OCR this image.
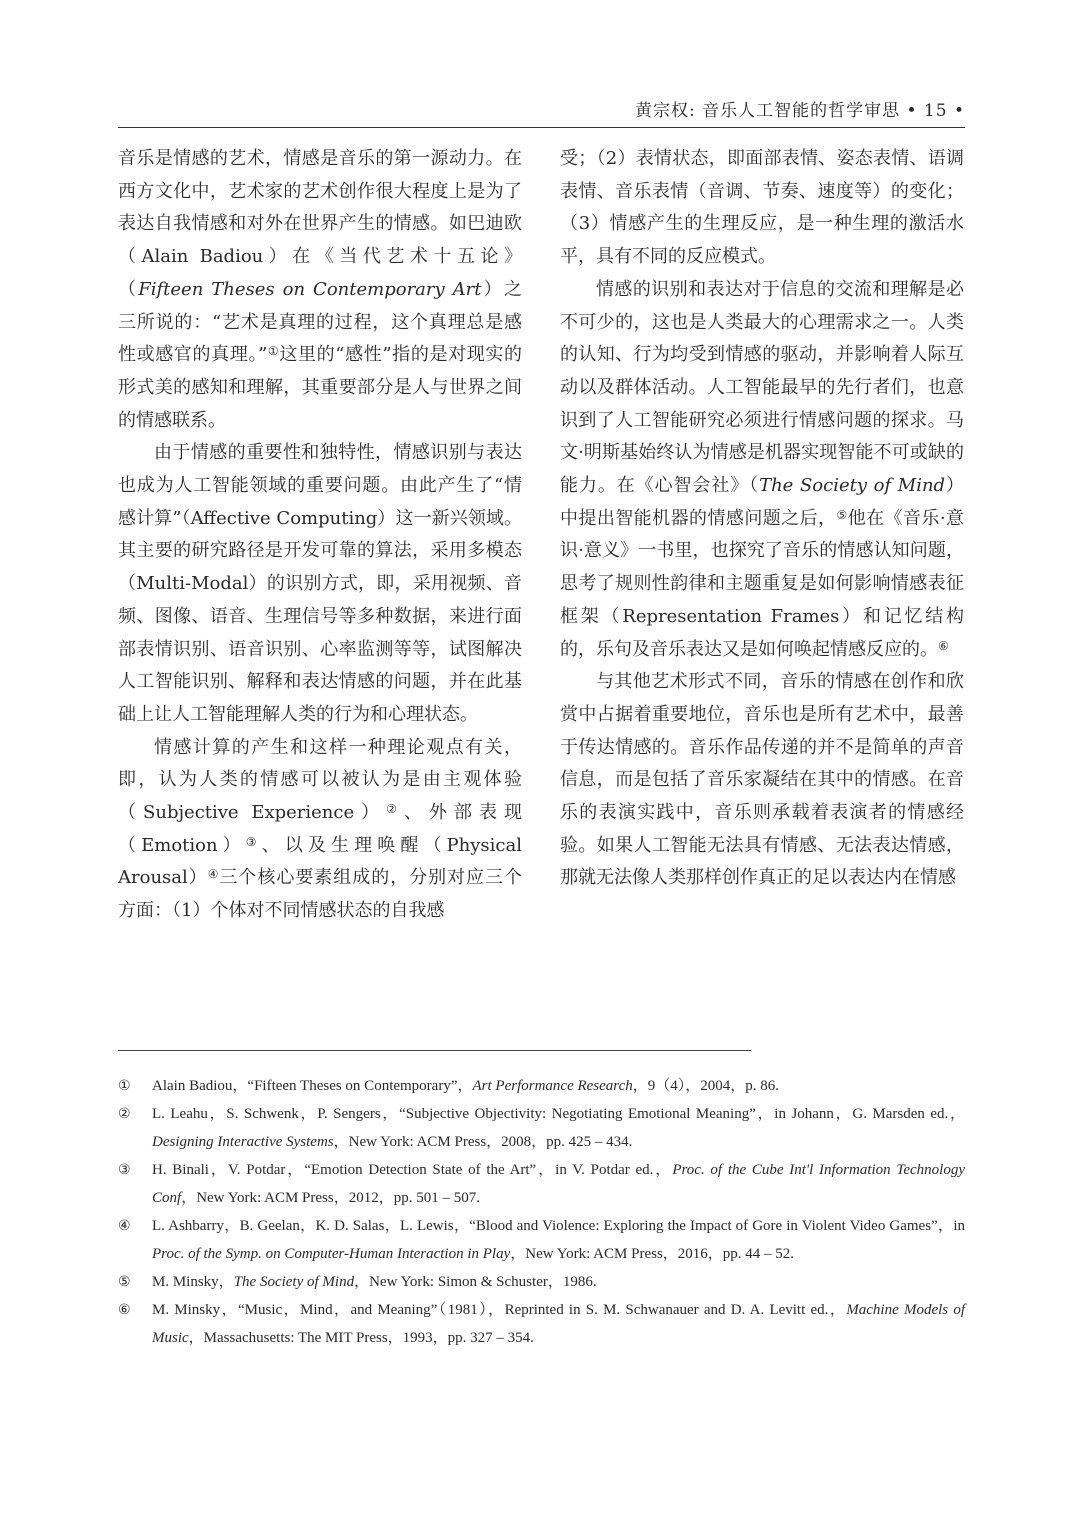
黄宗权: 音乐人工智能的哲学审思 • 15 •

音乐是情感的艺术，情感是音乐的第一源动力。在西方文化中，艺术家的艺术创作很大程度上是为了表达自我情感和对外在世界产生的情感。如巴迪欧（Alain Badiou）在《当代艺术十五论》（Fifteen Theses on Contemporary Art）之三所说的：“艺术是真理的过程，这个真理总是感性或感官的真理。”①这里的“感性”指的是对现实的形式美的感知和理解，其重要部分是人与世界之间的情感联系。

由于情感的重要性和独特性，情感识别与表达也成为人工智能领域的重要问题。由此产生了“情感计算”（Affective Computing）这一新兴领域。其主要的研究路径是开发可靠的算法，采用多模态（Multi-Modal）的识别方式，即，采用视频、音频、图像、语音、生理信号等多种数据，来进行面部表情识别、语音识别、心率监测等等，试图解决人工智能识别、解释和表达情感的问题，并在此基础上让人工智能理解人类的行为和心理状态。

情感计算的产生和这样一种理论观点有关，即，认为人类的情感可以被认为是由主观体验（Subjective Experience）②、外部表现（Emotion）③、以及生理唤醒（Physical Arousal）④三个核心要素组成的，分别对应三个方面：（1）个体对不同情感状态的自我感

受；（2）表情状态，即面部表情、姿态表情、语调表情、音乐表情（音调、节奏、速度等）的变化；（3）情感产生的生理反应，是一种生理的激活水平，具有不同的反应模式。

情感的识别和表达对于信息的交流和理解是必不可少的，这也是人类最大的心理需求之一。人类的认知、行为均受到情感的驱动，并影响着人际互动以及群体活动。人工智能最早的先行者们，也意识到了人工智能研究必须进行情感问题的探求。马文·明斯基始终认为情感是机器实现智能不可或缺的能力。在《心智会社》（The Society of Mind）中提出智能机器的情感问题之后，⑤他在《音乐·意识·意义》一书里，也探究了音乐的情感认知问题，思考了规则性韵律和主题重复是如何影响情感表征框架（Representation Frames）和记忆结构的，乐句及音乐表达又是如何唤起情感反应的。⑥

与其他艺术形式不同，音乐的情感在创作和欣赏中占据着重要地位，音乐也是所有艺术中，最善于传达情感的。音乐作品传递的并不是简单的声音信息，而是包括了音乐家凝结在其中的情感。在音乐的表演实践中，音乐则承载着表演者的情感经验。如果人工智能无法具有情感、无法表达情感，那就无法像人类那样创作真正的足以表达内在情感

①	Alain Badiou，“Fifteen Theses on Contemporary”，Art Performance Research，9（4），2004，p. 86.
②	L. Leahu，S. Schwenk，P. Sengers，“Subjective Objectivity: Negotiating Emotional Meaning”，in Johann，G. Marsden ed.，Designing Interactive Systems，New York: ACM Press，2008，pp. 425 – 434.
③	H. Binali，V. Potdar，“Emotion Detection State of the Art”，in V. Potdar ed.，Proc. of the Cube Int'l Information Technology Conf，New York: ACM Press，2012，pp. 501 – 507.
④	L. Ashbarry，B. Geelan，K. D. Salas，L. Lewis，“Blood and Violence: Exploring the Impact of Gore in Violent Video Games”，in Proc. of the Symp. on Computer-Human Interaction in Play，New York: ACM Press，2016，pp. 44 – 52.
⑤	M. Minsky，The Society of Mind，New York: Simon & Schuster，1986.
⑥	M. Minsky，“Music，Mind，and Meaning”（1981），Reprinted in S. M. Schwanauer and D. A. Levitt ed.，Machine Models of Music，Massachusetts: The MIT Press，1993，pp. 327 – 354.
